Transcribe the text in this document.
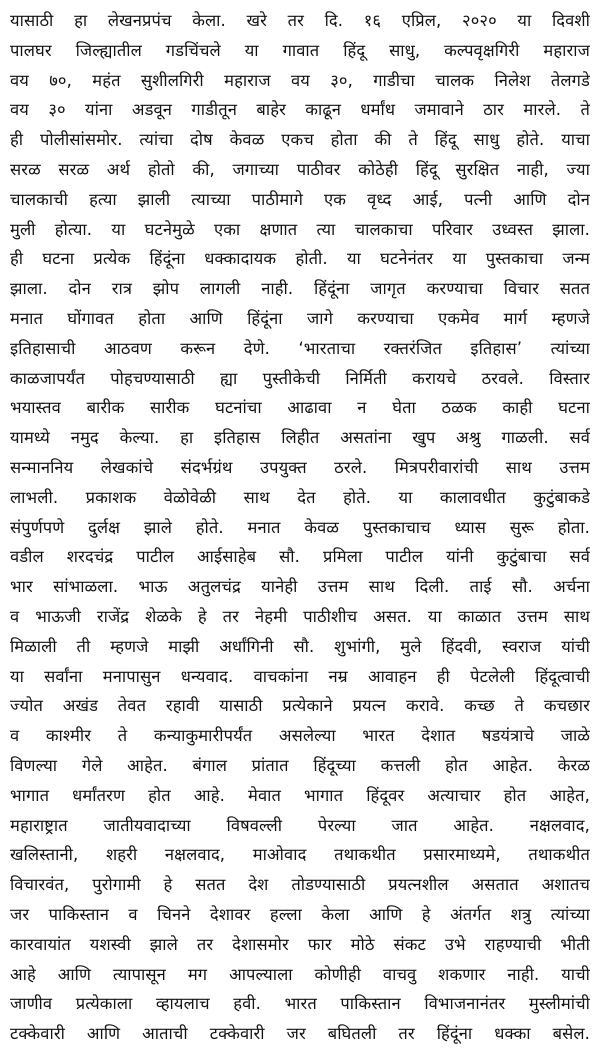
यासाठी हा लेखनप्रपंच केला. खरे तर दि. १६ एप्रिल, २०२० या दिवशी
पालघर जिल्ह्यातील गडचिंचले या गावात हिंदू साधु, कल्पवृक्षगिरी महाराज
वय ७०, महंत सुशीलगिरी महाराज वय ३०, गाडीचा चालक निलेश तेलगडे
वय ३० यांना अडवून गाडीतून बाहेर काढून धर्मांध जमावाने ठार मारले. ते
ही पोलीसांसमोर. त्यांचा दोष केवळ एकच होता की ते हिंदू साधु होते. याचा
सरळ सरळ अर्थ होतो की, जगाच्या पाठीवर कोठेही हिंदू सुरक्षित नाही, ज्या
चालकाची हत्या झाली त्याच्या पाठीमागे एक वृध्द आई, पत्नी आणि दोन
मुली होत्या. या घटनेमुळे एका क्षणात त्या चालकाचा परिवार उध्वस्त झाला.
ही घटना प्रत्येक हिंदूंना धक्कादायक होती. या घटनेनंतर या पुस्तकाचा जन्म
झाला. दोन रात्र झोप लागली नाही. हिंदूंना जागृत करण्याचा विचार सतत
मनात घोंगावत होता आणि हिंदूंना जागे करण्याचा एकमेव मार्ग म्हणजे
इतिहासाची आठवण करून देणे. ‘भारताचा रक्तरंजित इतिहास’ त्यांच्या
काळजापर्यंत पोहचण्यासाठी ह्या पुस्तीकेची निर्मिती करायचे ठरवले. विस्तार
भयास्तव बारीक सारीक घटनांचा आढावा न घेता ठळक काही घटना
यामध्ये नमुद केल्या. हा इतिहास लिहीत असतांना खुप अश्रु गाळली. सर्व
सन्माननिय लेखकांचे संदर्भग्रंथ उपयुक्त ठरले. मित्रपरीवारांची साथ उत्तम
लाभली. प्रकाशक वेळोवेळी साथ देत होते. या कालावधीत कुटुंबाकडे
संपुर्णपणे दुर्लक्ष झाले होते. मनात केवळ पुस्तकाचाच ध्यास सुरू होता.
वडील शरदचंद्र पाटील आईसाहेब सौ. प्रमिला पाटील यांनी कुटुंबाचा सर्व
भार सांभाळला. भाऊ अतुलचंद्र यानेही उत्तम साथ दिली. ताई सौ. अर्चना
व भाऊजी राजेंद्र शेळके हे तर नेहमी पाठीशीच असत. या काळात उत्तम साथ
मिळाली ती म्हणजे माझी अर्धांगिनी सौ. शुभांगी, मुले हिंदवी, स्वराज यांची
या सर्वांना मनापासुन धन्यवाद. वाचकांना नम्र आवाहन ही पेटलेली हिंदूत्वाची
ज्योत अखंड तेवत रहावी यासाठी प्रत्येकाने प्रयत्न करावे. कच्छ ते कचछार
व काश्मीर ते कन्याकुमारीपर्यंत असलेल्या भारत देशात षडयंत्राचे जाळे
विणल्या गेले आहेत. बंगाल प्रांतात हिंदूच्या कत्तली होत आहेत. केरळ
भागात धर्मांतरण होत आहे. मेवात भागात हिंदूवर अत्याचार होत आहेत,
महाराष्ट्रात जातीयवादाच्या विषवल्ली पेरल्या जात आहेत. नक्षलवाद,
खलिस्तानी, शहरी नक्षलवाद, माओवाद तथाकथीत प्रसारमाध्यमे, तथाकथीत
विचारवंत, पुरोगामी हे सतत देश तोडण्यासाठी प्रयत्नशील असतात अशातच
जर पाकिस्तान व चिनने देशावर हल्ला केला आणि हे अंतर्गत शत्रु त्यांच्या
कारवायांत यशस्वी झाले तर देशासमोर फार मोठे संकट उभे राहण्याची भीती
आहे आणि त्यापासून मग आपल्याला कोणीही वाचवु शकणार नाही. याची
जाणीव प्रत्येकाला व्हायलाच हवी. भारत पाकिस्तान विभाजनानंतर मुस्लीमांची
टक्केवारी आणि आताची टक्केवारी जर बघितली तर हिंदूंना धक्का बसेल.
